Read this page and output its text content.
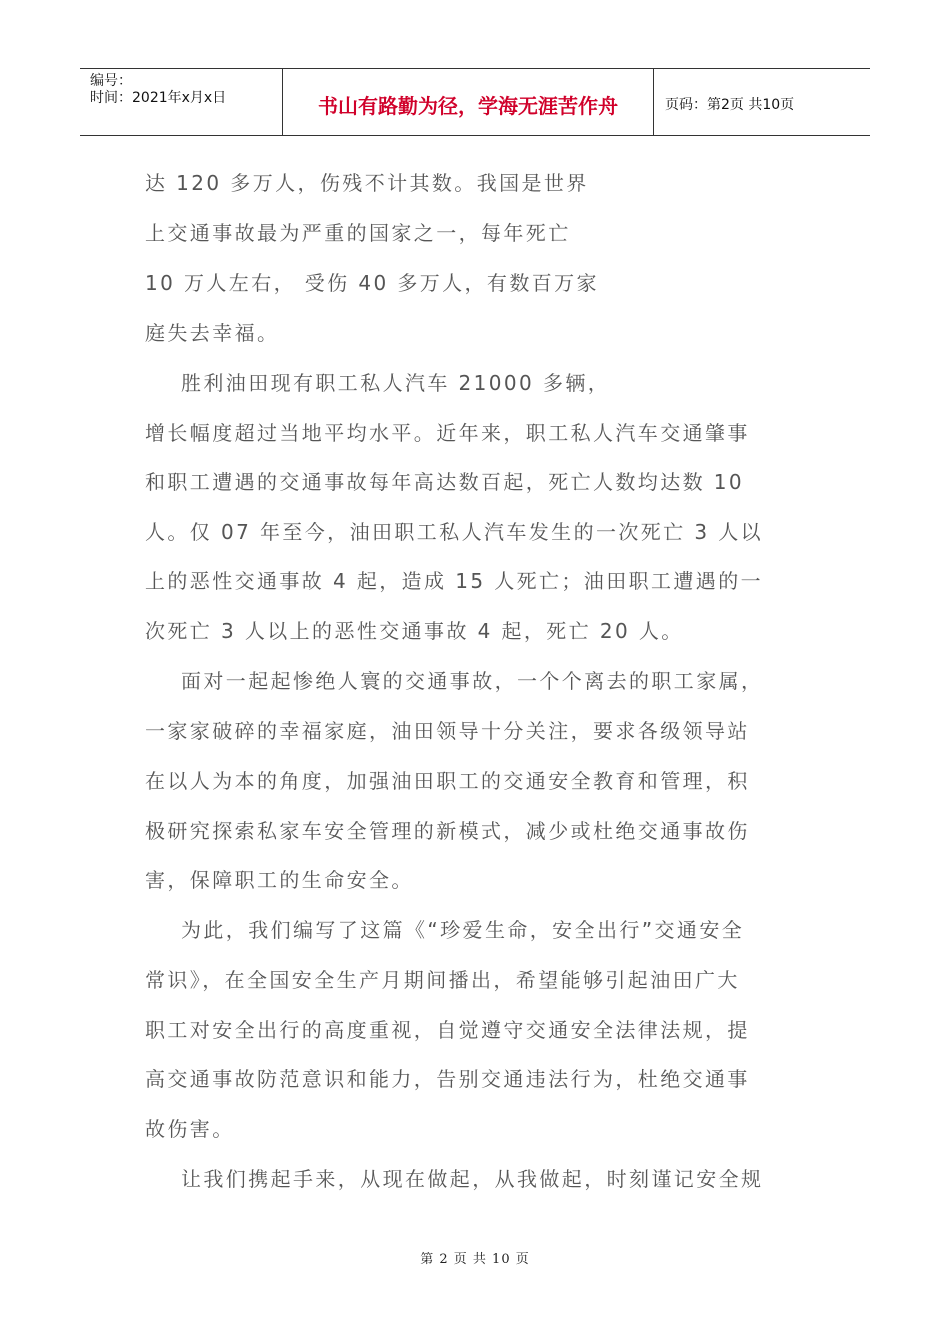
编号：
时间：2021年x月x日	书山有路勤为径，学海无涯苦作舟	页码：第2页 共10页

达 120 多万人，伤残不计其数。我国是世界

上交通事故最为严重的国家之一，每年死亡

10 万人左右， 受伤 40 多万人，有数百万家

庭失去幸福。

胜利油田现有职工私人汽车 21000 多辆，

增长幅度超过当地平均水平。近年来，职工私人汽车交通肇事

和职工遭遇的交通事故每年高达数百起，死亡人数均达数 10

人。仅 07 年至今，油田职工私人汽车发生的一次死亡 3 人以

上的恶性交通事故 4 起，造成 15 人死亡；油田职工遭遇的一

次死亡 3 人以上的恶性交通事故 4 起，死亡 20 人。

面对一起起惨绝人寰的交通事故，一个个离去的职工家属，

一家家破碎的幸福家庭，油田领导十分关注，要求各级领导站

在以人为本的角度，加强油田职工的交通安全教育和管理，积

极研究探索私家车安全管理的新模式，减少或杜绝交通事故伤

害，保障职工的生命安全。

为此，我们编写了这篇《“珍爱生命，安全出行”交通安全

常识》，在全国安全生产月期间播出，希望能够引起油田广大

职工对安全出行的高度重视，自觉遵守交通安全法律法规，提

高交通事故防范意识和能力，告别交通违法行为，杜绝交通事

故伤害。

让我们携起手来，从现在做起，从我做起，时刻谨记安全规

第 2 页 共 10 页
